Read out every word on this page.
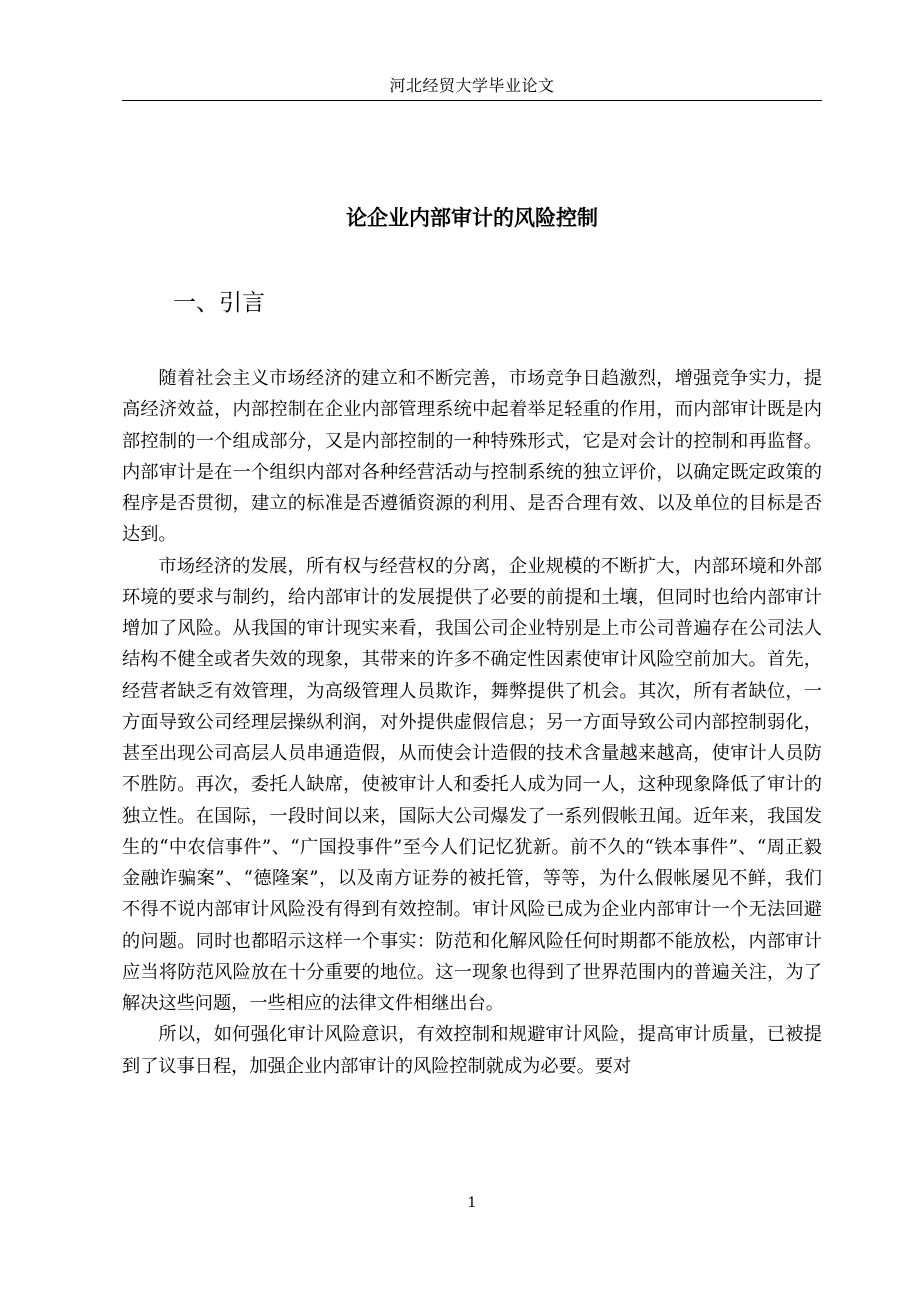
河北经贸大学毕业论文
论企业内部审计的风险控制
一、引言

随着社会主义市场经济的建立和不断完善，市场竞争日趋激烈，增强竞争实力，提高经济效益，内部控制在企业内部管理系统中起着举足轻重的作用，而内部审计既是内部控制的一个组成部分，又是内部控制的一种特殊形式，它是对会计的控制和再监督。内部审计是在一个组织内部对各种经营活动与控制系统的独立评价，以确定既定政策的程序是否贯彻，建立的标准是否遵循资源的利用、是否合理有效、以及单位的目标是否达到。

市场经济的发展，所有权与经营权的分离，企业规模的不断扩大，内部环境和外部环境的要求与制约，给内部审计的发展提供了必要的前提和土壤，但同时也给内部审计增加了风险。从我国的审计现实来看，我国公司企业特别是上市公司普遍存在公司法人结构不健全或者失效的现象，其带来的许多不确定性因素使审计风险空前加大。首先，经营者缺乏有效管理，为高级管理人员欺诈，舞弊提供了机会。其次，所有者缺位，一方面导致公司经理层操纵利润，对外提供虚假信息；另一方面导致公司内部控制弱化，甚至出现公司高层人员串通造假，从而使会计造假的技术含量越来越高，使审计人员防不胜防。再次，委托人缺席，使被审计人和委托人成为同一人，这种现象降低了审计的独立性。在国际，一段时间以来，国际大公司爆发了一系列假帐丑闻。近年来，我国发生的“中农信事件”、“广国投事件”至今人们记忆犹新。前不久的“铁本事件”、“周正毅金融诈骗案”、“德隆案”，以及南方证券的被托管，等等，为什么假帐屡见不鲜，我们不得不说内部审计风险没有得到有效控制。审计风险已成为企业内部审计一个无法回避的问题。同时也都昭示这样一个事实：防范和化解风险任何时期都不能放松，内部审计应当将防范风险放在十分重要的地位。这一现象也得到了世界范围内的普遍关注，为了解决这些问题，一些相应的法律文件相继出台。

所以，如何强化审计风险意识，有效控制和规避审计风险，提高审计质量，已被提到了议事日程，加强企业内部审计的风险控制就成为必要。要对

1
